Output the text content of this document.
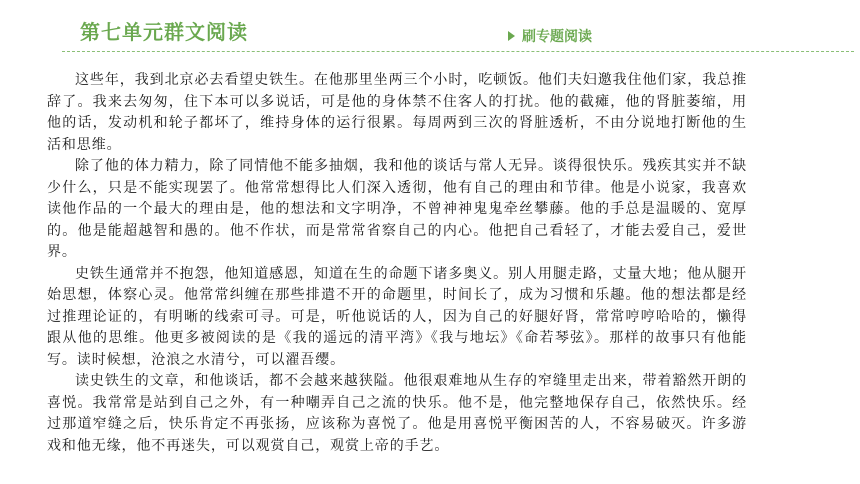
第七单元群文阅读	刷专题阅读

这些年，我到北京必去看望史铁生。在他那里坐两三个小时，吃顿饭。他们夫妇邀我住他们家，我总推辞了。我来去匆匆，住下本可以多说话，可是他的身体禁不住客人的打扰。他的截瘫，他的肾脏萎缩，用他的话，发动机和轮子都坏了，维持身体的运行很累。每周两到三次的肾脏透析，不由分说地打断他的生活和思维。

除了他的体力精力，除了同情他不能多抽烟，我和他的谈话与常人无异。谈得很快乐。残疾其实并不缺少什么，只是不能实现罢了。他常常想得比人们深入透彻，他有自己的理由和节律。他是小说家，我喜欢读他作品的一个最大的理由是，他的想法和文字明净，不曾神神鬼鬼牵丝攀藤。他的手总是温暖的、宽厚的。他是能超越智和愚的。他不作状，而是常常省察自己的内心。他把自己看轻了，才能去爱自己，爱世界。

史铁生通常并不抱怨，他知道感恩，知道在生的命题下诸多奥义。别人用腿走路，丈量大地；他从腿开始思想，体察心灵。他常常纠缠在那些排遣不开的命题里，时间长了，成为习惯和乐趣。他的想法都是经过推理论证的，有明晰的线索可寻。可是，听他说话的人，因为自己的好腿好肾，常常哼哼哈哈的，懒得跟从他的思维。他更多被阅读的是《我的遥远的清平湾》《我与地坛》《命若琴弦》。那样的故事只有他能写。读时候想，沧浪之水清兮，可以濯吾缨。

读史铁生的文章，和他谈话，都不会越来越狭隘。他很艰难地从生存的窄缝里走出来，带着豁然开朗的喜悦。我常常是站到自己之外，有一种嘲弄自己之流的快乐。他不是，他完整地保存自己，依然快乐。经过那道窄缝之后，快乐肯定不再张扬，应该称为喜悦了。他是用喜悦平衡困苦的人，不容易破灭。许多游戏和他无缘，他不再迷失，可以观赏自己，观赏上帝的手艺。
